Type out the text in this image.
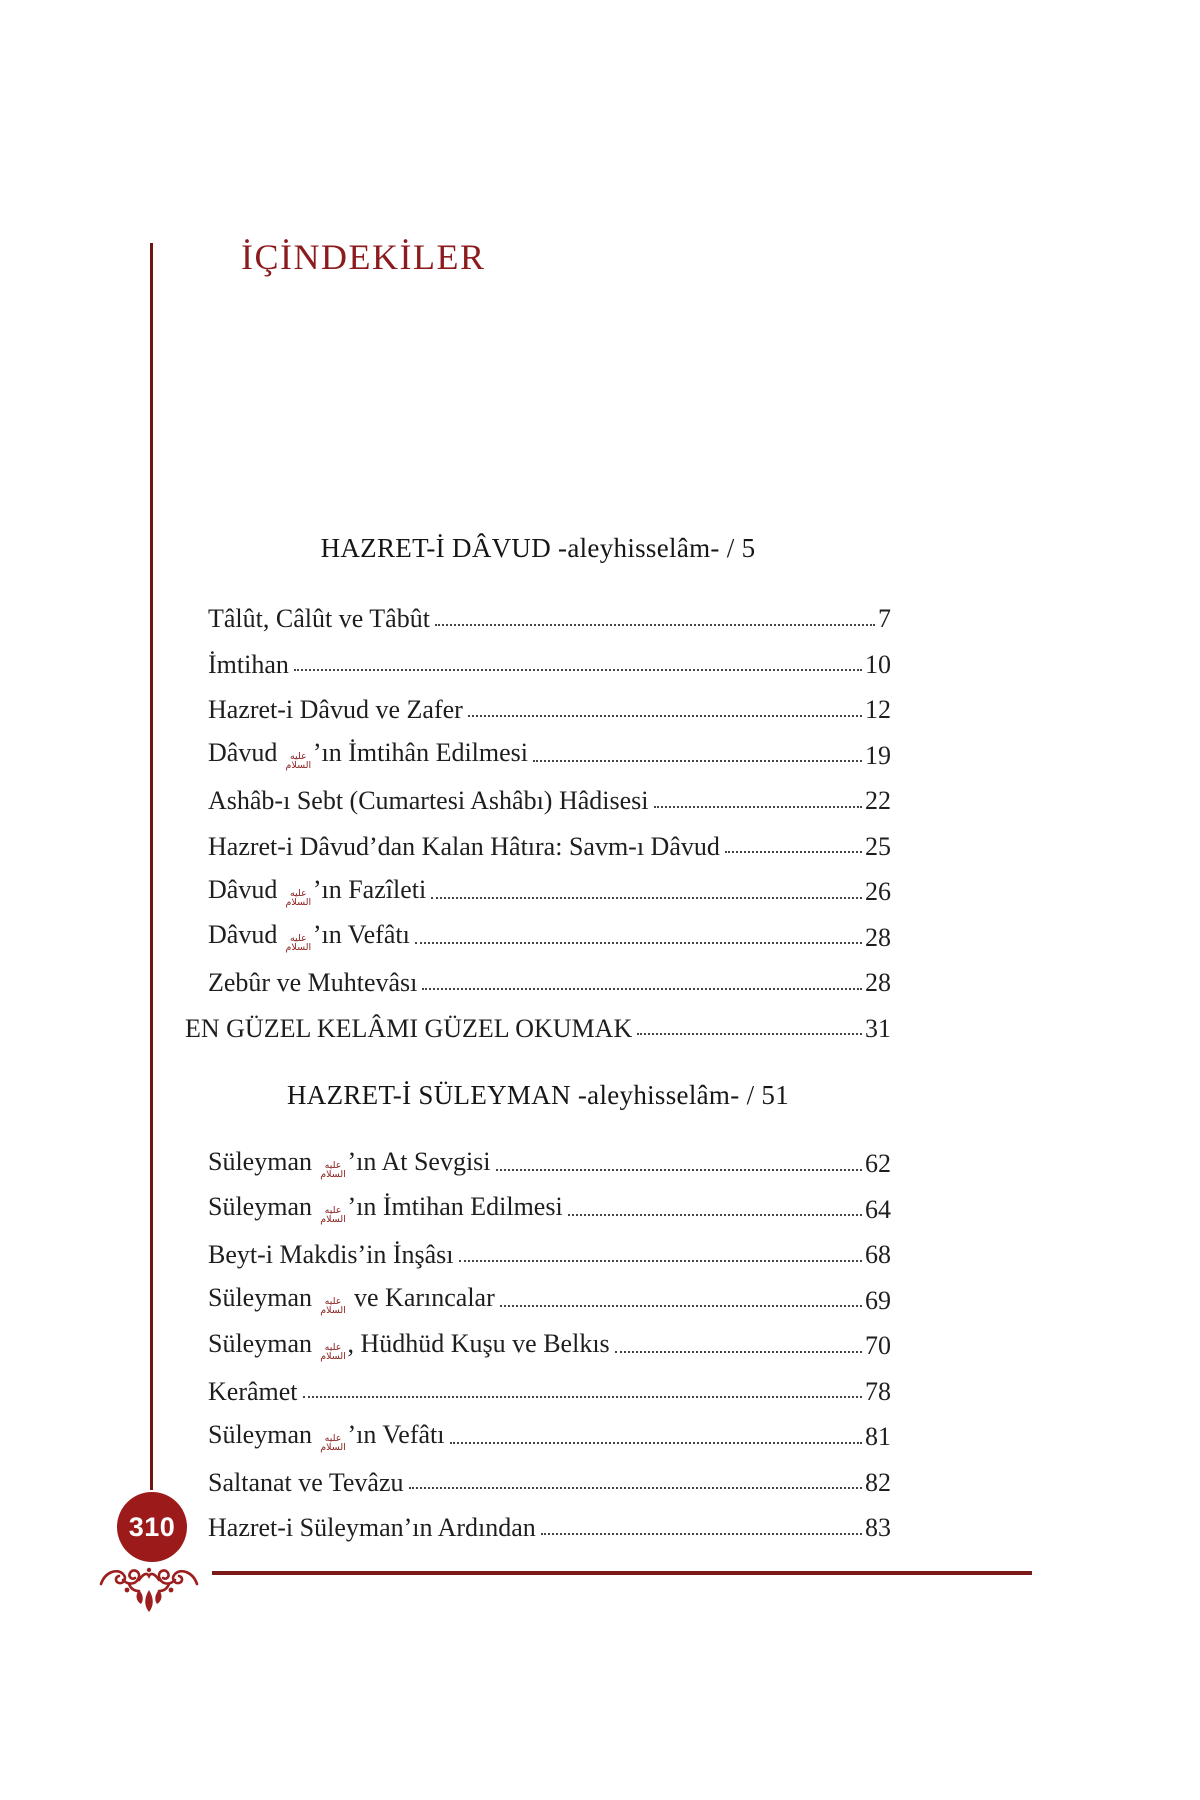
İÇİNDEKİLER
HAZRET-İ DÂVUD -aleyhisselâm- / 5
Tâlût, Câlût ve Tâbût	7
İmtihan	10
Hazret-i Dâvud ve Zafer	12
Dâvud عليه السلام’ın İmtihân Edilmesi	19
Ashâb-ı Sebt (Cumartesi Ashâbı) Hâdisesi	22
Hazret-i Dâvud’dan Kalan Hâtıra: Savm-ı Dâvud	25
Dâvud عليه السلام’ın Fazîleti	26
Dâvud عليه السلام’ın Vefâtı	28
Zebûr ve Muhtevâsı	28
EN GÜZEL KELÂMI GÜZEL OKUMAK	31
HAZRET-İ SÜLEYMAN -aleyhisselâm- / 51
Süleyman عليه السلام’ın At Sevgisi	62
Süleyman عليه السلام’ın İmtihan Edilmesi	64
Beyt-i Makdis’in İnşâsı	68
Süleyman عليه السلام ve Karıncalar	69
Süleyman عليه السلام, Hüdhüd Kuşu ve Belkıs	70
Kerâmet	78
Süleyman عليه السلام’ın Vefâtı	81
Saltanat ve Tevâzu	82
Hazret-i Süleyman’ın Ardından	83
310
